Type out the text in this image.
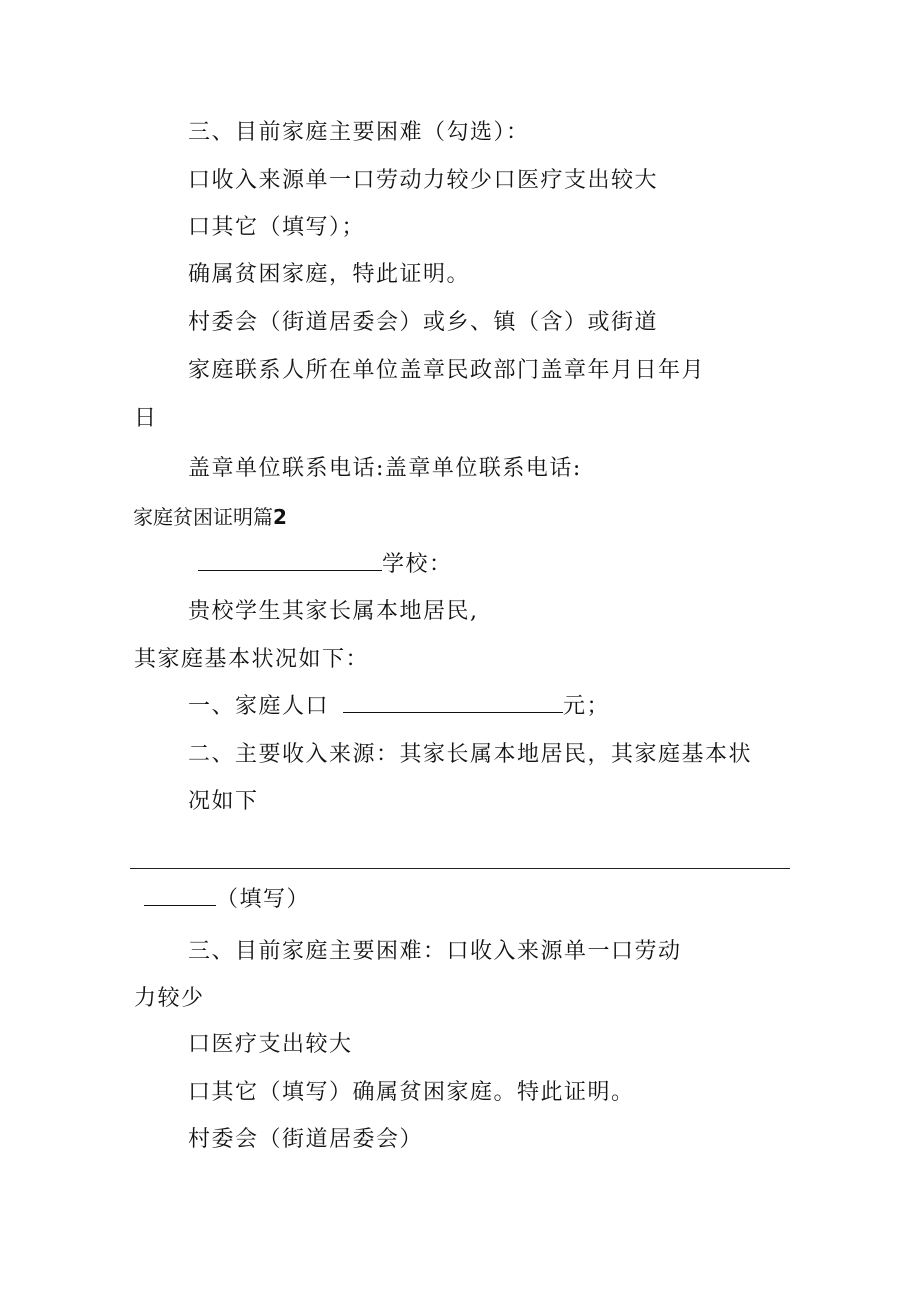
三、目前家庭主要困难（勾选）：
口收入来源单一口劳动力较少口医疗支出较大
口其它（填写）；
确属贫困家庭，特此证明。
村委会（街道居委会）或乡、镇（含）或街道
家庭联系人所在单位盖章民政部门盖章年月日年月
日
盖章单位联系电话:盖章单位联系电话:
家庭贫困证明篇2
学校：
贵校学生其家长属本地居民,
其家庭基本状况如下：
一、家庭人口	元；
二、主要收入来源：其家长属本地居民，其家庭基本状
况如下
（填写）
三、目前家庭主要困难：口收入来源单一口劳动
力较少
口医疗支出较大
口其它（填写）确属贫困家庭。特此证明。
村委会（街道居委会）
